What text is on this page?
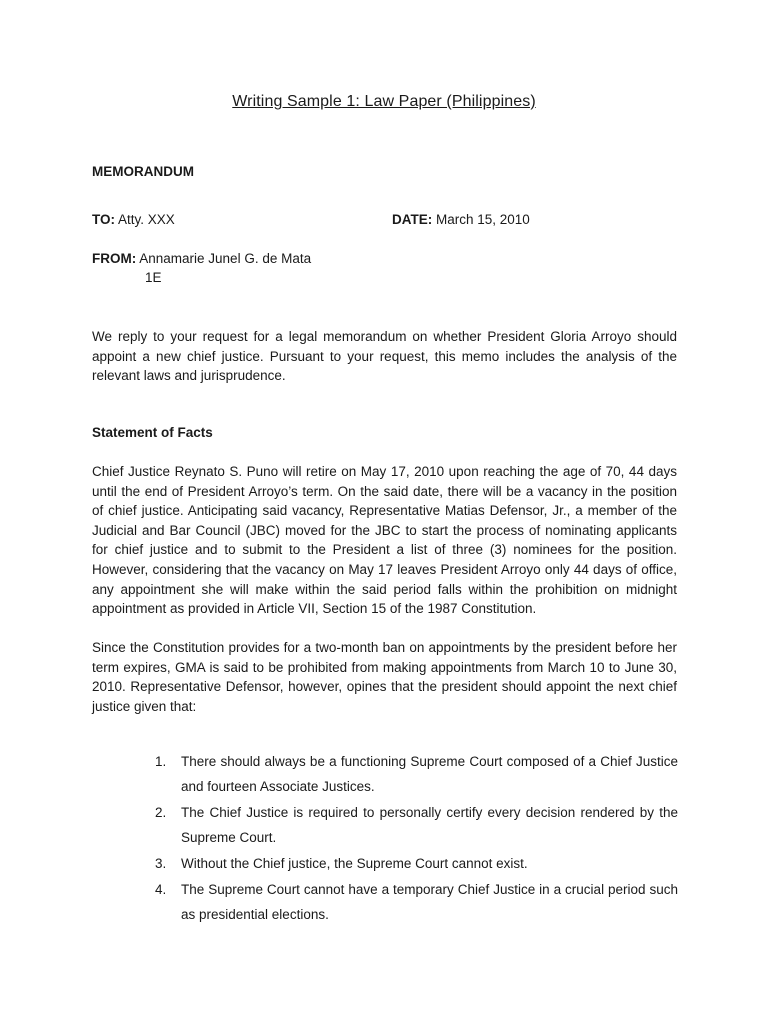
Writing Sample 1: Law Paper (Philippines)
MEMORANDUM
TO: Atty. XXX	DATE: March 15, 2010
FROM: Annamarie Junel G. de Mata
1E
We reply to your request for a legal memorandum on whether President Gloria Arroyo should appoint a new chief justice. Pursuant to your request, this memo includes the analysis of the relevant laws and jurisprudence.
Statement of Facts
Chief Justice Reynato S. Puno will retire on May 17, 2010 upon reaching the age of 70, 44 days until the end of President Arroyo’s term. On the said date, there will be a vacancy in the position of chief justice. Anticipating said vacancy, Representative Matias Defensor, Jr., a member of the Judicial and Bar Council (JBC) moved for the JBC to start the process of nominating applicants for chief justice and to submit to the President a list of three (3) nominees for the position. However, considering that the vacancy on May 17 leaves President Arroyo only 44 days of office, any appointment she will make within the said period falls within the prohibition on midnight appointment as provided in Article VII, Section 15 of the 1987 Constitution.
Since the Constitution provides for a two-month ban on appointments by the president before her term expires, GMA is said to be prohibited from making appointments from March 10 to June 30, 2010. Representative Defensor, however, opines that the president should appoint the next chief justice given that:
1.	There should always be a functioning Supreme Court composed of a Chief Justice and fourteen Associate Justices.
2.	The Chief Justice is required to personally certify every decision rendered by the Supreme Court.
3.	Without the Chief justice, the Supreme Court cannot exist.
4.	The Supreme Court cannot have a temporary Chief Justice in a crucial period such as presidential elections.
